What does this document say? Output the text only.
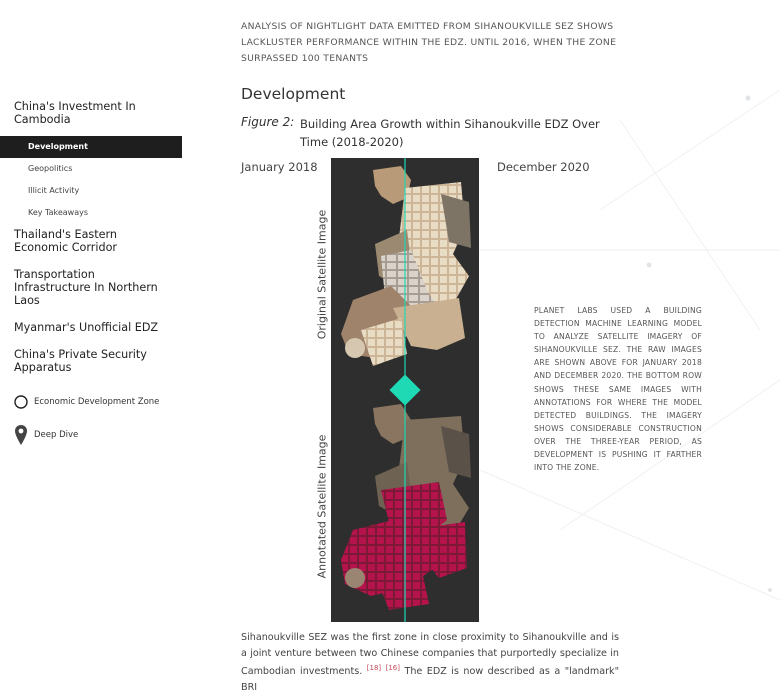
ANALYSIS OF NIGHTLIGHT DATA EMITTED FROM SIHANOUKVILLE SEZ SHOWS LACKLUSTER PERFORMANCE WITHIN THE EDZ. UNTIL 2016, WHEN THE ZONE SURPASSED 100 TENANTS
China's Investment In Cambodia
Development
Geopolitics
Illicit Activity
Key Takeaways
Thailand's Eastern Economic Corridor
Transportation Infrastructure In Northern Laos
Myanmar's Unofficial EDZ
China's Private Security Apparatus
Economic Development Zone
Deep Dive
Development
Figure 2: Building Area Growth within Sihanoukville EDZ Over Time (2018-2020)
January 2018	December 2020
Original Satellite Image
Annotated Satellite Image
PLANET LABS USED A BUILDING DETECTION MACHINE LEARNING MODEL TO ANALYZE SATELLITE IMAGERY OF SIHANOUKVILLE SEZ. THE RAW IMAGES ARE SHOWN ABOVE FOR JANUARY 2018 AND DECEMBER 2020. THE BOTTOM ROW SHOWS THESE SAME IMAGES WITH ANNOTATIONS FOR WHERE THE MODEL DETECTED BUILDINGS. THE IMAGERY SHOWS CONSIDERABLE CONSTRUCTION OVER THE THREE-YEAR PERIOD, AS DEVELOPMENT IS PUSHING IT FARTHER INTO THE ZONE.
Sihanoukville SEZ was the first zone in close proximity to Sihanoukville and is a joint venture between two Chinese companies that purportedly specialize in Cambodian investments. [18] [16] The EDZ is now described as a "landmark" BRI
